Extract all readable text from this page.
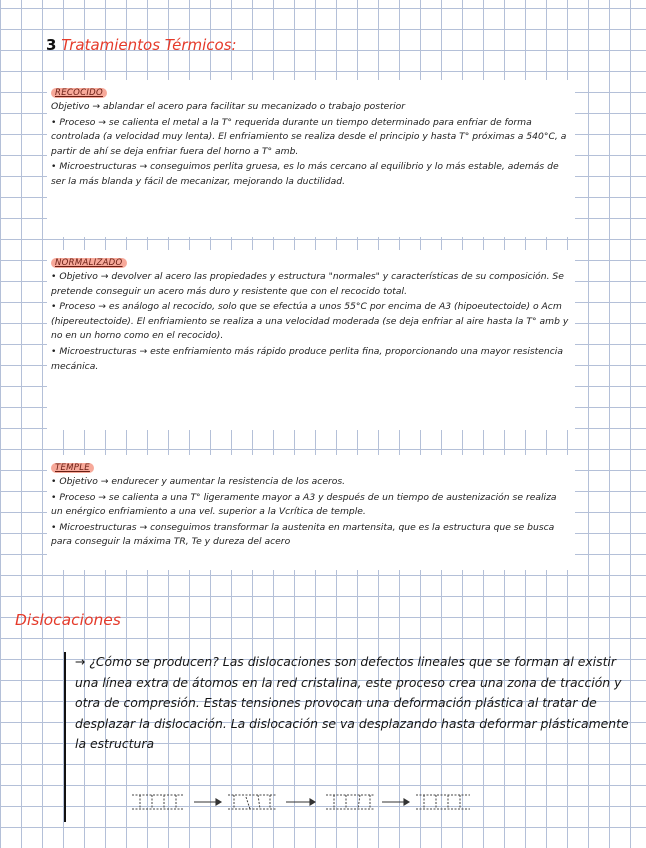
3 Tratamientos Térmicos:
RECOCIDO

Objetivo → ablandar el acero para facilitar su mecanizado o trabajo posterior

• Proceso → se calienta el metal a la T° requerida durante un tiempo determinado para enfriar de forma controlada (a velocidad muy lenta). El enfriamiento se realiza desde el principio y hasta T° próximas a 540°C, a partir de ahí se deja enfriar fuera del horno a T° amb.

• Microestructuras → conseguimos perlita gruesa, es lo más cercano al equilibrio y lo más estable, además de ser la más blanda y fácil de mecanizar, mejorando la ductilidad.

NORMALIZADO

• Objetivo → devolver al acero las propiedades y estructura "normales" y características de su composición. Se pretende conseguir un acero más duro y resistente que con el recocido total.

• Proceso → es análogo al recocido, solo que se efectúa a unos 55°C por encima de A3 (hipoeutectoide) o Acm (hipereutectoide). El enfriamiento se realiza a una velocidad moderada (se deja enfriar al aire hasta la T° amb y no en un horno como en el recocido).

• Microestructuras → este enfriamiento más rápido produce perlita fina, proporcionando una mayor resistencia mecánica.

TEMPLE

• Objetivo → endurecer y aumentar la resistencia de los aceros.

• Proceso → se calienta a una T° ligeramente mayor a A3 y después de un tiempo de austenización se realiza un enérgico enfriamiento a una vel. superior a la Vcrítica de temple.

• Microestructuras → conseguimos transformar la austenita en martensita, que es la estructura que se busca para conseguir la máxima TR, Te y dureza del acero

Dislocaciones

→ ¿Cómo se producen? Las dislocaciones son defectos lineales que se forman al existir una línea extra de átomos en la red cristalina, este proceso crea una zona de tracción y otra de compresión. Estas tensiones provocan una deformación plástica al tratar de desplazar la dislocación. La dislocación se va desplazando hasta deformar plásticamente la estructura
